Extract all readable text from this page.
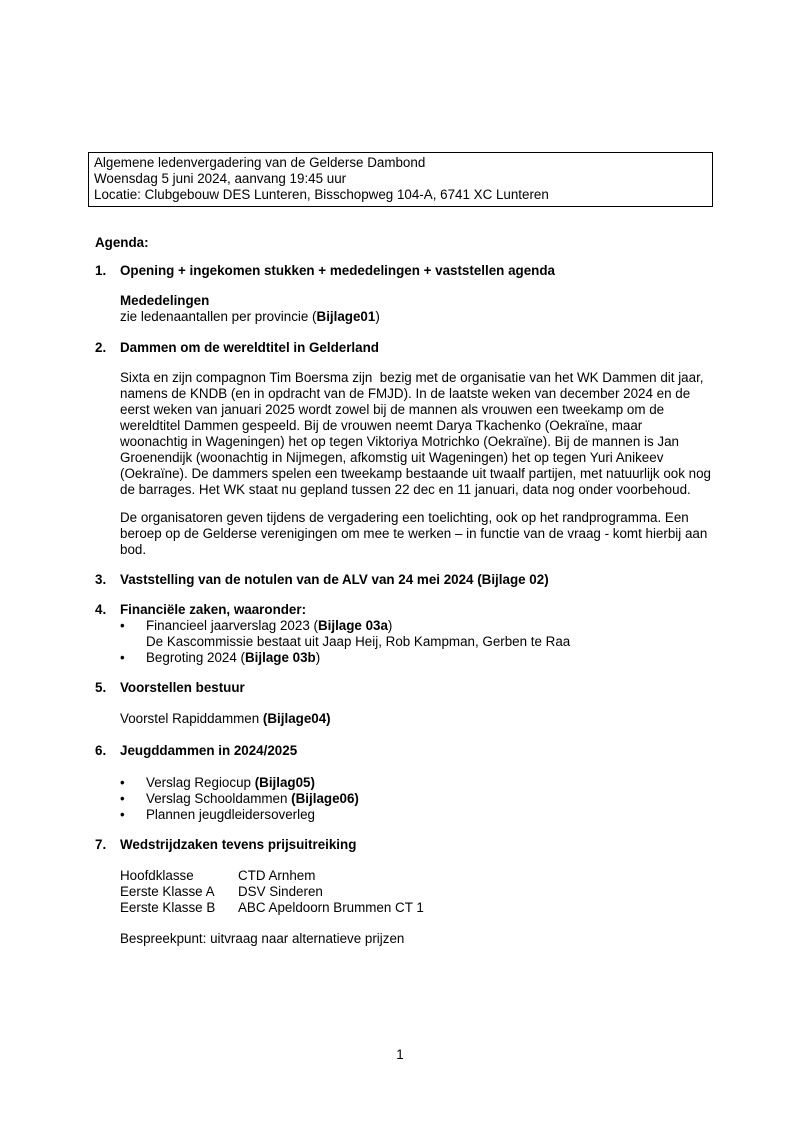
Algemene ledenvergadering van de Gelderse Dambond
Woensdag 5 juni 2024, aanvang 19:45 uur
Locatie: Clubgebouw DES Lunteren, Bisschopweg 104-A, 6741 XC Lunteren

Agenda:

1.	Opening + ingekomen stukken + mededelingen + vaststellen agenda

Mededelingen

zie ledenaantallen per provincie (Bijlage01)

2.	Dammen om de wereldtitel in Gelderland

Sixta en zijn compagnon Tim Boersma zijn  bezig met de organisatie van het WK Dammen dit jaar, namens de KNDB (en in opdracht van de FMJD). In de laatste weken van december 2024 en de eerst weken van januari 2025 wordt zowel bij de mannen als vrouwen een tweekamp om de wereldtitel Dammen gespeeld. Bij de vrouwen neemt Darya Tkachenko (Oekraïne, maar woonachtig in Wageningen) het op tegen Viktoriya Motrichko (Oekraïne). Bij de mannen is Jan Groenendijk (woonachtig in Nijmegen, afkomstig uit Wageningen) het op tegen Yuri Anikeev (Oekraïne). De dammers spelen een tweekamp bestaande uit twaalf partijen, met natuurlijk ook nog de barrages. Het WK staat nu gepland tussen 22 dec en 11 januari, data nog onder voorbehoud.

De organisatoren geven tijdens de vergadering een toelichting, ook op het randprogramma. Een beroep op de Gelderse verenigingen om mee te werken – in functie van de vraag - komt hierbij aan bod.

3.	Vaststelling van de notulen van de ALV van 24 mei 2024 (Bijlage 02)
4.	Financiële zaken, waaronder:
•	Financieel jaarverslag 2023 (Bijlage 03a)

De Kascommissie bestaat uit Jaap Heij, Rob Kampman, Gerben te Raa

•	Begroting 2024 (Bijlage 03b)
5.	Voorstellen bestuur

Voorstel Rapiddammen (Bijlage04)

6.	Jeugddammen in 2024/2025
•	Verslag Regiocup (Bijlag05)
•	Verslag Schooldammen (Bijlage06)
•	Plannen jeugdleidersoverleg
7.	Wedstrijdzaken tevens prijsuitreiking
Hoofdklasse	CTD Arnhem
Eerste Klasse A	DSV Sinderen
Eerste Klasse B	ABC Apeldoorn Brummen CT 1

Bespreekpunt: uitvraag naar alternatieve prijzen

1
